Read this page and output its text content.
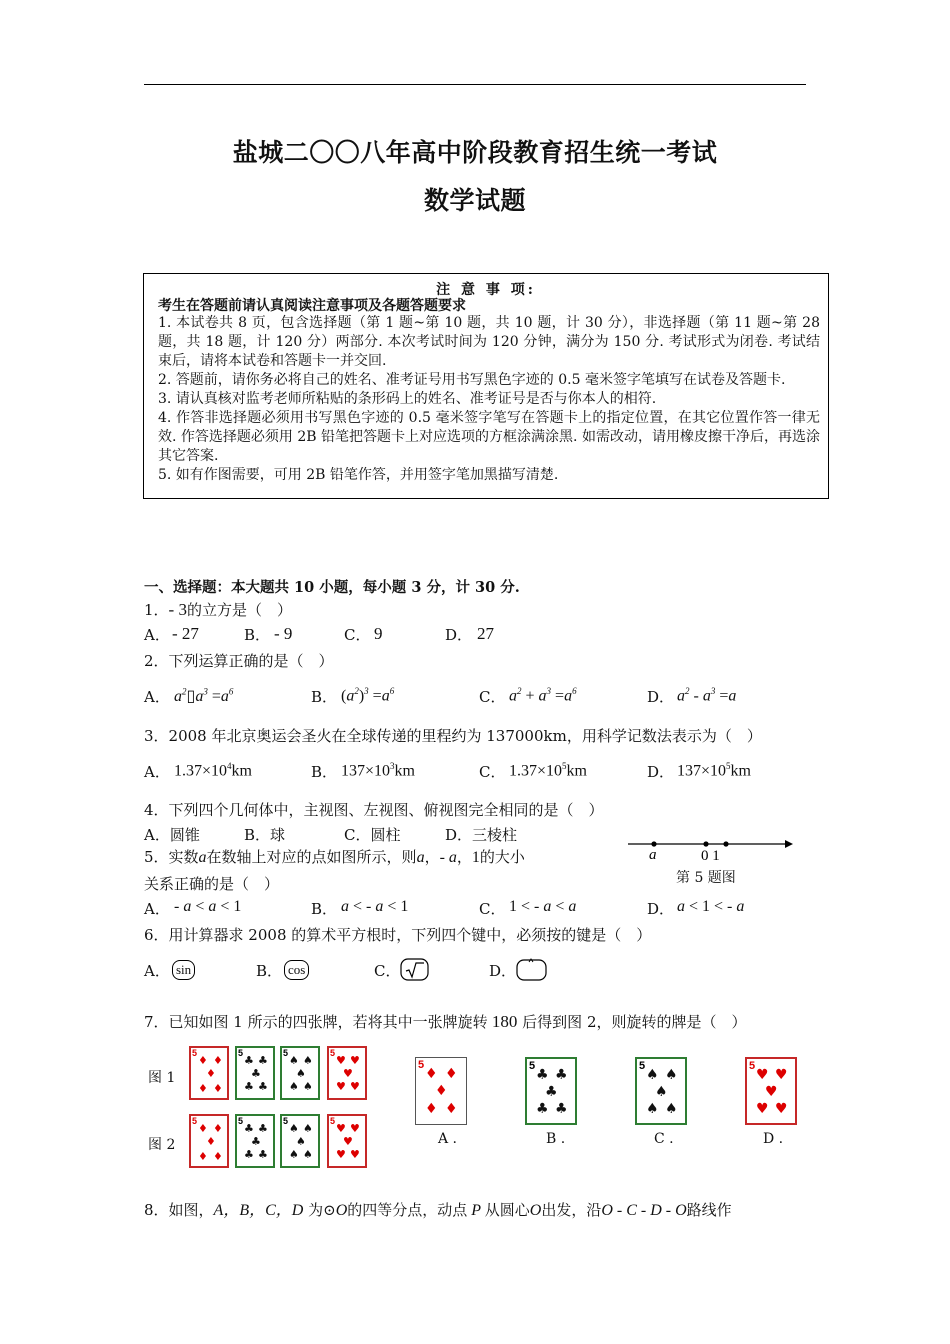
盐城二〇〇八年高中阶段教育招生统一考试
数学试题
注 意 事 项:
考生在答题前请认真阅读注意事项及各题答题要求

1. 本试卷共 8 页，包含选择题（第 1 题~第 10 题，共 10 题，计 30 分），非选择题（第 11 题~第 28 题，共 18 题，计 120 分）两部分. 本次考试时间为 120 分钟，满分为 150 分. 考试形式为闭卷. 考试结束后，请将本试卷和答题卡一并交回.

2. 答题前，请你务必将自己的姓名、准考证号用书写黑色字迹的 0.5 毫米签字笔填写在试卷及答题卡.

3. 请认真核对监考老师所粘贴的条形码上的姓名、准考证号是否与你本人的相符.

4. 作答非选择题必须用书写黑色字迹的 0.5 毫米签字笔写在答题卡上的指定位置，在其它位置作答一律无效. 作答选择题必须用 2B 铅笔把答题卡上对应选项的方框涂满涂黑. 如需改动，请用橡皮擦干净后，再选涂其它答案.

5. 如有作图需要，可用 2B 铅笔作答，并用签字笔加黑描写清楚.

一、选择题：本大题共 10 小题，每小题 3 分，计 30 分.
1．- 3的立方是（　）
A． - 27	B． - 9	C． 9	D． 27
2．下列运算正确的是（　）
A． $a^2▯a^3 =a^6$	B． $(a^2)^3 =a^6$	C． $a^2 + a^3 =a^6$	D． $a^2 - a^3 =a$
3．2008 年北京奥运会圣火在全球传递的里程约为 137000km，用科学记数法表示为（　）
A． $1.37\times 10^4km$	B． $137\times 10^3km$	C． $1.37\times 10^5km$	D． $137\times 10^5km$
4．下列四个几何体中，主视图、左视图、俯视图完全相同的是（　）
A．圆锥	B．球	C．圆柱	D．三棱柱
5．实数a在数轴上对应的点如图所示，则a，- a，1的大小
关系正确的是（　）
a	0 1
第 5 题图
A． - a < a < 1	B． a < - a < 1	C． 1 < - a < a	D． a < 1 < - a
6．用计算器求 2008 的算术平方根时，下列四个键中，必须按的键是（　）
A． sin	B． cos	C．	D．
7．已知如图 1 所示的四张牌，若将其中一张牌旋转 180 后得到图 2，则旋转的牌是（　）
图 1
图 2
5
♦ ♦
♦
♦ ♦
5
♣ ♣
♣
♣ ♣
5
♠ ♠
♠
♠ ♠
5
♥ ♥
♥
♥ ♥
5
♦ ♦
♦
♦ ♦
5
♣ ♣
♣
♣ ♣
5
♠ ♠
♠
♠ ♠
5
♥ ♥
♥
♥ ♥
5
♦ ♦
♦
♦ ♦
A .
5
♣ ♣
♣
♣ ♣
B .
5
♠ ♠
♠
♠ ♠
C .
5
♥ ♥
♥
♥ ♥
D .
8．如图，A，B，C，D 为⊙O的四等分点，动点 P 从圆心O出发，沿O - C - D - O路线作
